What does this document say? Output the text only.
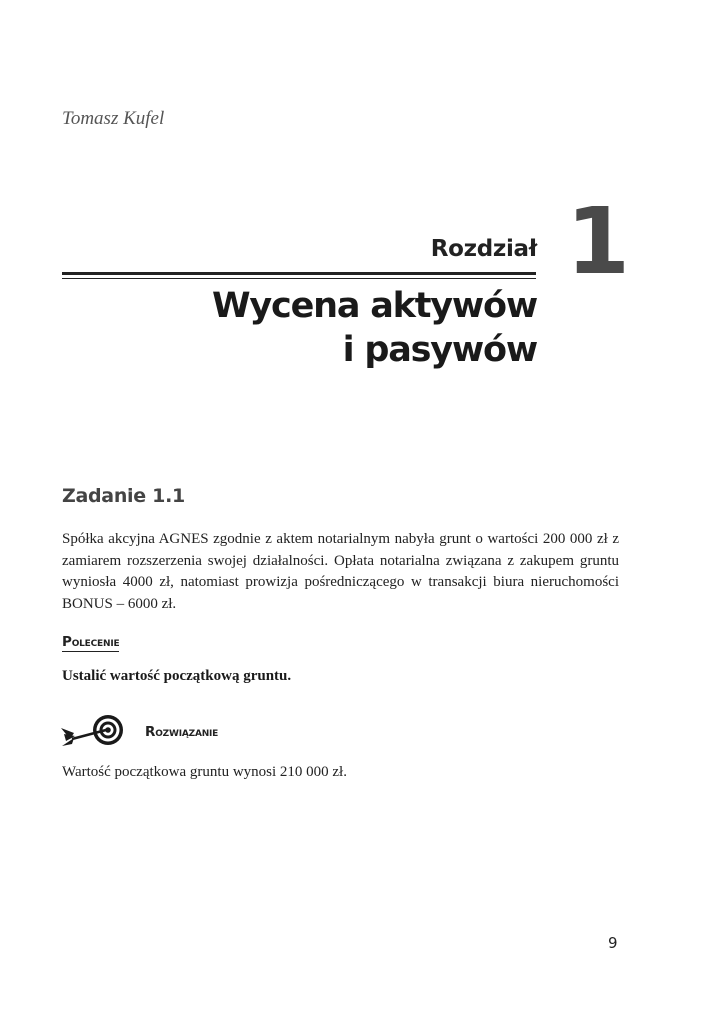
Tomasz Kufel
Rozdział 1
Wycena aktywów
i pasywów
Zadanie 1.1
Spółka akcyjna AGNES zgodnie z aktem notarialnym nabyła grunt o wartości 200 000 zł z zamiarem rozszerzenia swojej działalności. Opłata notarialna związana z zakupem gruntu wyniosła 4000 zł, natomiast prowizja pośredniczącego w transakcji biura nieruchomości BONUS – 6000 zł.
Polecenie
Ustalić wartość początkową gruntu.
Rozwiązanie
Wartość początkowa gruntu wynosi 210 000 zł.
9
